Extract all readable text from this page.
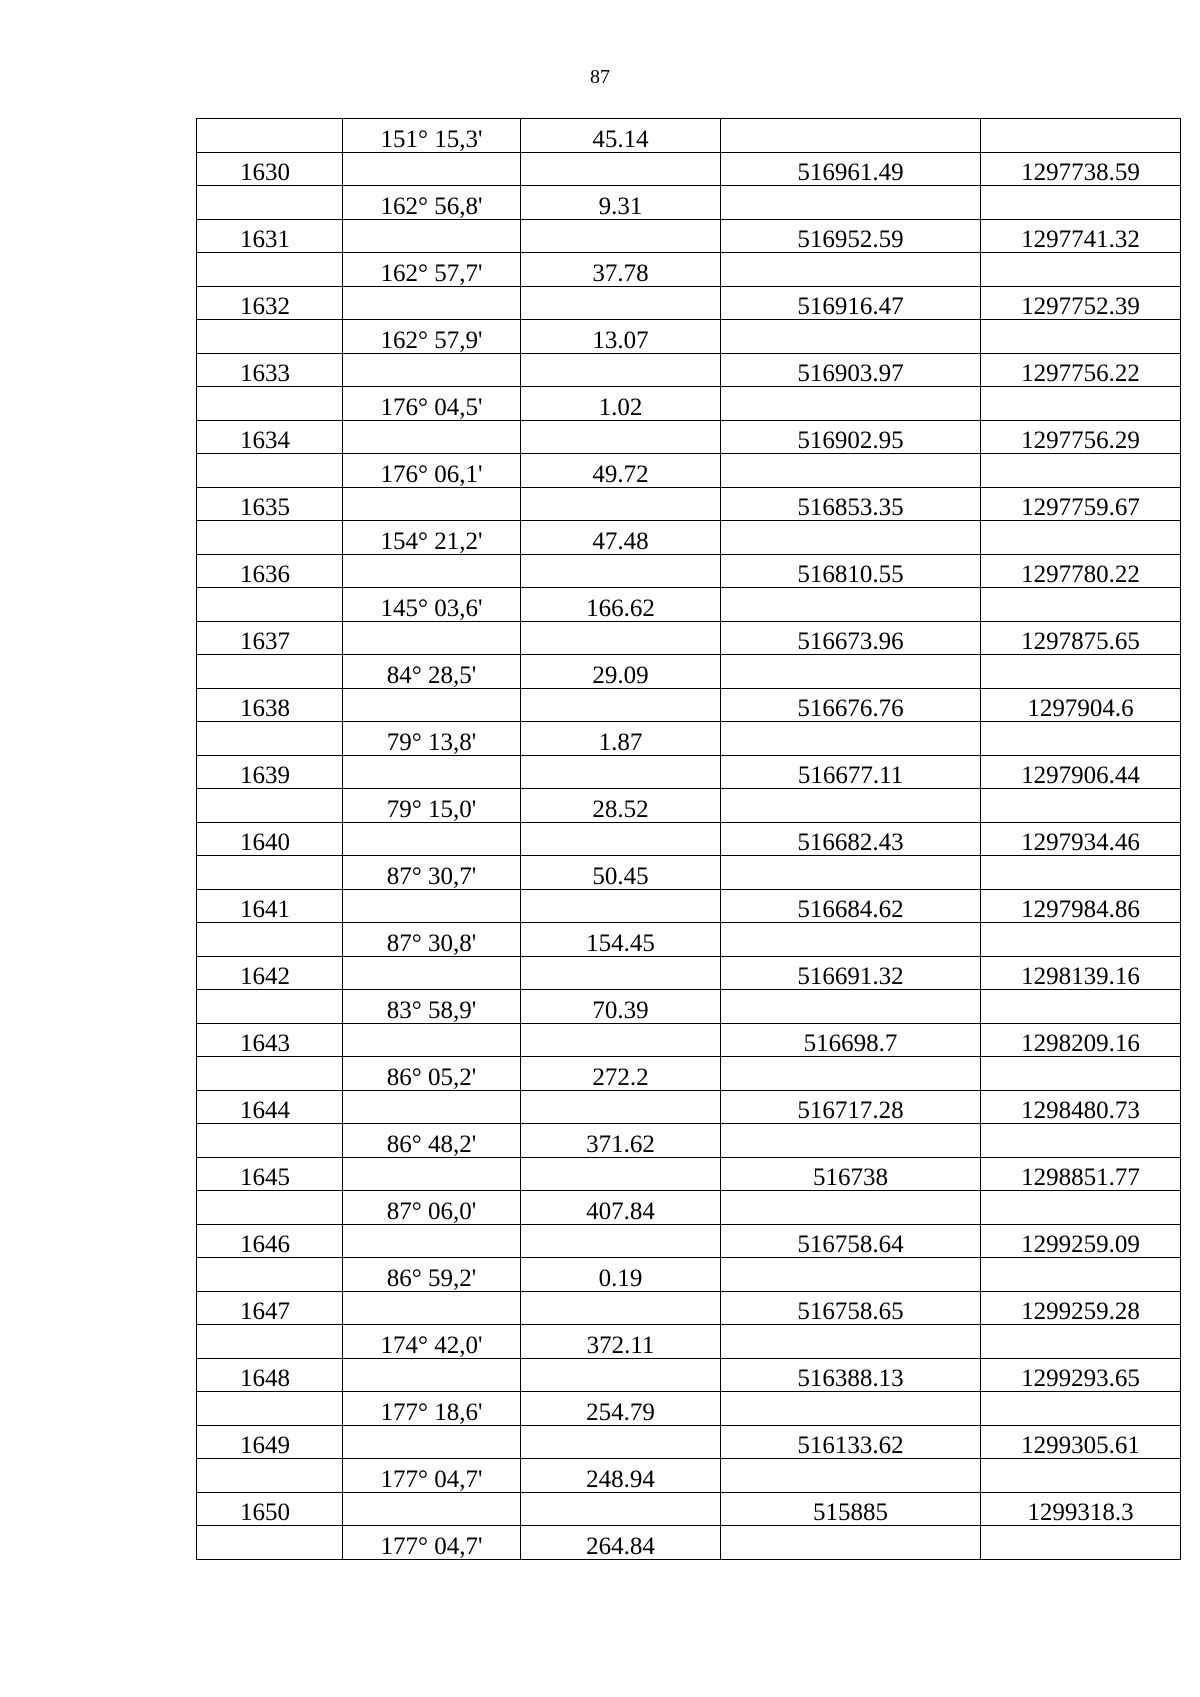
87
	151° 15,3'	45.14		
1630			516961.49	1297738.59
	162° 56,8'	9.31		
1631			516952.59	1297741.32
	162° 57,7'	37.78		
1632			516916.47	1297752.39
	162° 57,9'	13.07		
1633			516903.97	1297756.22
	176° 04,5'	1.02		
1634			516902.95	1297756.29
	176° 06,1'	49.72		
1635			516853.35	1297759.67
	154° 21,2'	47.48		
1636			516810.55	1297780.22
	145° 03,6'	166.62		
1637			516673.96	1297875.65
	84° 28,5'	29.09		
1638			516676.76	1297904.6
	79° 13,8'	1.87		
1639			516677.11	1297906.44
	79° 15,0'	28.52		
1640			516682.43	1297934.46
	87° 30,7'	50.45		
1641			516684.62	1297984.86
	87° 30,8'	154.45		
1642			516691.32	1298139.16
	83° 58,9'	70.39		
1643			516698.7	1298209.16
	86° 05,2'	272.2		
1644			516717.28	1298480.73
	86° 48,2'	371.62		
1645			516738	1298851.77
	87° 06,0'	407.84		
1646			516758.64	1299259.09
	86° 59,2'	0.19		
1647			516758.65	1299259.28
	174° 42,0'	372.11		
1648			516388.13	1299293.65
	177° 18,6'	254.79		
1649			516133.62	1299305.61
	177° 04,7'	248.94		
1650			515885	1299318.3
	177° 04,7'	264.84		
